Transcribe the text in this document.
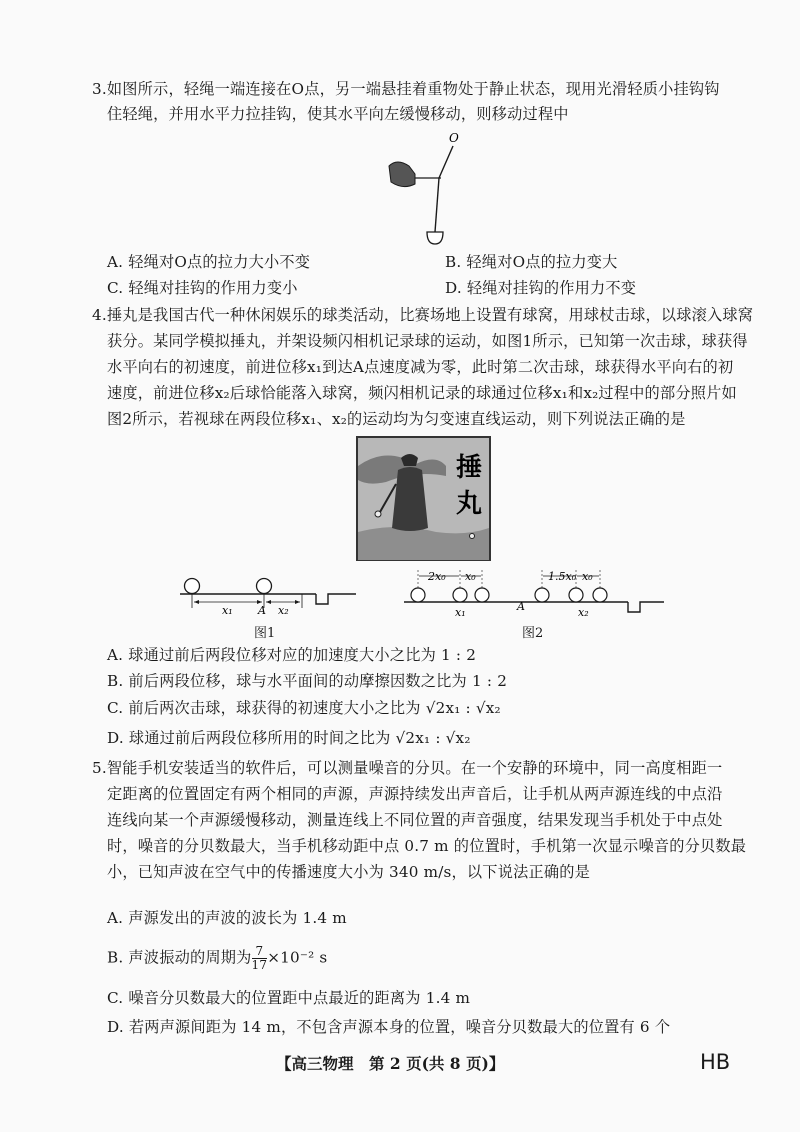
3.如图所示，轻绳一端连接在O点，另一端悬挂着重物处于静止状态，现用光滑轻质小挂钩钩
住轻绳，并用水平力拉挂钩，使其水平向左缓慢移动，则移动过程中
O
A. 轻绳对O点的拉力大小不变	B. 轻绳对O点的拉力变大
C. 轻绳对挂钩的作用力变小	D. 轻绳对挂钩的作用力不变
4.捶丸是我国古代一种休闲娱乐的球类活动，比赛场地上设置有球窝，用球杖击球，以球滚入球窝
获分。某同学模拟捶丸，并架设频闪相机记录球的运动，如图1所示，已知第一次击球，球获得
水平向右的初速度，前进位移x₁到达A点速度减为零，此时第二次击球，球获得水平向右的初
速度，前进位移x₂后球恰能落入球窝，频闪相机记录的球通过位移x₁和x₂过程中的部分照片如
图2所示，若视球在两段位移x₁、x₂的运动均为匀变速直线运动，则下列说法正确的是
捶
丸
x₁ A x₂
图1
2x₀ x₀	1.5x₀ x₀
x₁	A	x₂
图2
A. 球通过前后两段位移对应的加速度大小之比为 1 : 2
B. 前后两段位移，球与水平面间的动摩擦因数之比为 1 : 2
C. 前后两次击球，球获得的初速度大小之比为 √2x₁ : √x₂
D. 球通过前后两段位移所用的时间之比为 √2x₁ : √x₂
5.智能手机安装适当的软件后，可以测量噪音的分贝。在一个安静的环境中，同一高度相距一
定距离的位置固定有两个相同的声源，声源持续发出声音后，让手机从两声源连线的中点沿
连线向某一个声源缓慢移动，测量连线上不同位置的声音强度，结果发现当手机处于中点处
时，噪音的分贝数最大，当手机移动距中点 0.7 m 的位置时，手机第一次显示噪音的分贝数最
小，已知声波在空气中的传播速度大小为 340 m/s，以下说法正确的是
A. 声源发出的声波的波长为 1.4 m
B. 声波振动的周期为 $\frac{7}{17} \times 10^{-2}$ s
C. 噪音分贝数最大的位置距中点最近的距离为 1.4 m
D. 若两声源间距为 14 m，不包含声源本身的位置，噪音分贝数最大的位置有 6 个
【高三物理　第 2 页(共 8 页)】	HB
